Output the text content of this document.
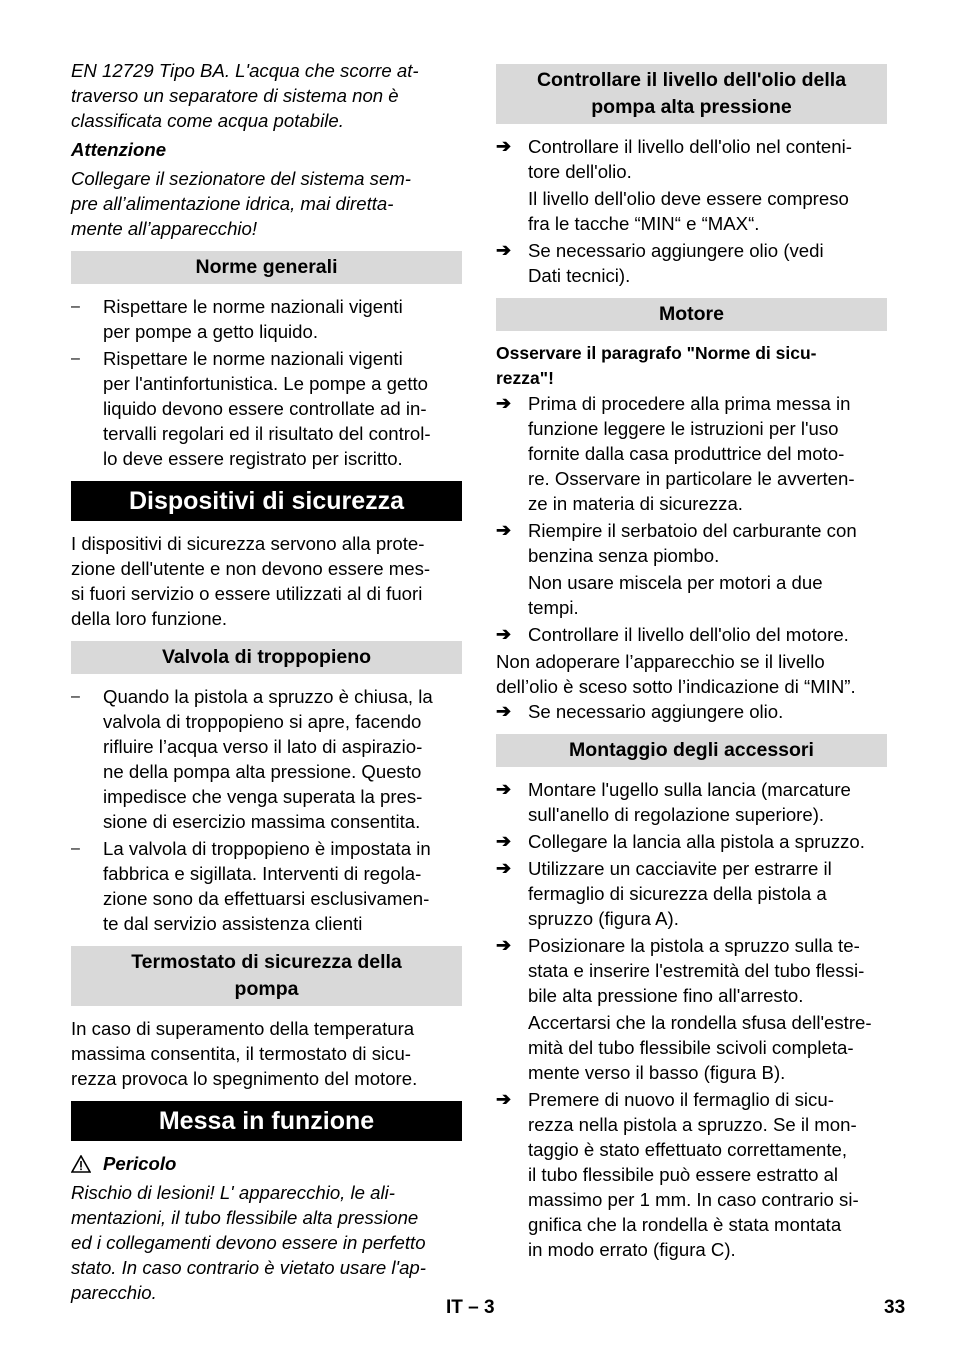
EN 12729 Tipo BA. L'acqua che scorre at-

traverso un separatore di sistema non è

classificata come acqua potabile.

Attenzione

Collegare il sezionatore del sistema sem-

pre all’alimentazione idrica, mai diretta-

mente all’apparecchio!

Norme generali
–	Rispettare le norme nazionali vigenti

per pompe a getto liquido.

–	Rispettare le norme nazionali vigenti

per l'antinfortunistica. Le pompe a getto

liquido devono essere controllate ad in-

tervalli regolari ed il risultato del control-

lo deve essere registrato per iscritto.

Dispositivi di sicurezza

I dispositivi di sicurezza servono alla prote-

zione dell'utente e non devono essere mes-

si fuori servizio o essere utilizzati al di fuori

della loro funzione.

Valvola di troppopieno
–	Quando la pistola a spruzzo è chiusa, la

valvola di troppopieno si apre, facendo

rifluire l’acqua verso il lato di aspirazio-

ne della pompa alta pressione. Questo

impedisce che venga superata la pres-

sione di esercizio massima consentita.

–	La valvola di troppopieno è impostata in

fabbrica e sigillata. Interventi di regola-

zione sono da effettuarsi esclusivamen-

te dal servizio assistenza clienti

Termostato di sicurezza della
pompa

In caso di superamento della temperatura

massima consentita, il termostato di sicu-

rezza provoca lo spegnimento del motore.

Messa in funzione
Pericolo

Rischio di lesioni! L' apparecchio, le ali-

mentazioni, il tubo flessibile alta pressione

ed i collegamenti devono essere in perfetto

stato. In caso contrario è vietato usare l'ap-

parecchio.

Controllare il livello dell'olio della
pompa alta pressione
➔ Controllare il livello dell'olio nel conteni-

tore dell'olio.

Il livello dell'olio deve essere compreso

fra le tacche “MIN“ e “MAX“.

➔ Se necessario aggiungere olio (vedi

Dati tecnici).

Motore

Osservare il paragrafo "Norme di sicu-

rezza"!

➔ Prima di procedere alla prima messa in

funzione leggere le istruzioni per l'uso

fornite dalla casa produttrice del moto-

re. Osservare in particolare le avverten-

ze in materia di sicurezza.

➔ Riempire il serbatoio del carburante con

benzina senza piombo.

Non usare miscela per motori a due

tempi.

➔ Controllare il livello dell'olio del motore.

Non adoperare l’apparecchio se il livello

dell’olio è sceso sotto l’indicazione di “MIN”.

➔ Se necessario aggiungere olio.

Montaggio degli accessori
➔ Montare l'ugello sulla lancia (marcature

sull'anello di regolazione superiore).

➔ Collegare la lancia alla pistola a spruzzo.

➔ Utilizzare un cacciavite per estrarre il

fermaglio di sicurezza della pistola a

spruzzo (figura A).

➔ Posizionare la pistola a spruzzo sulla te-

stata e inserire l'estremità del tubo flessi-

bile alta pressione fino all'arresto.

Accertarsi che la rondella sfusa dell'estre-

mità del tubo flessibile scivoli completa-

mente verso il basso (figura B).

➔ Premere di nuovo il fermaglio di sicu-

rezza nella pistola a spruzzo. Se il mon-

taggio è stato effettuato correttamente,

il tubo flessibile può essere estratto al

massimo per 1 mm. In caso contrario si-

gnifica che la rondella è stata montata

in modo errato (figura C).

IT – 3	33
